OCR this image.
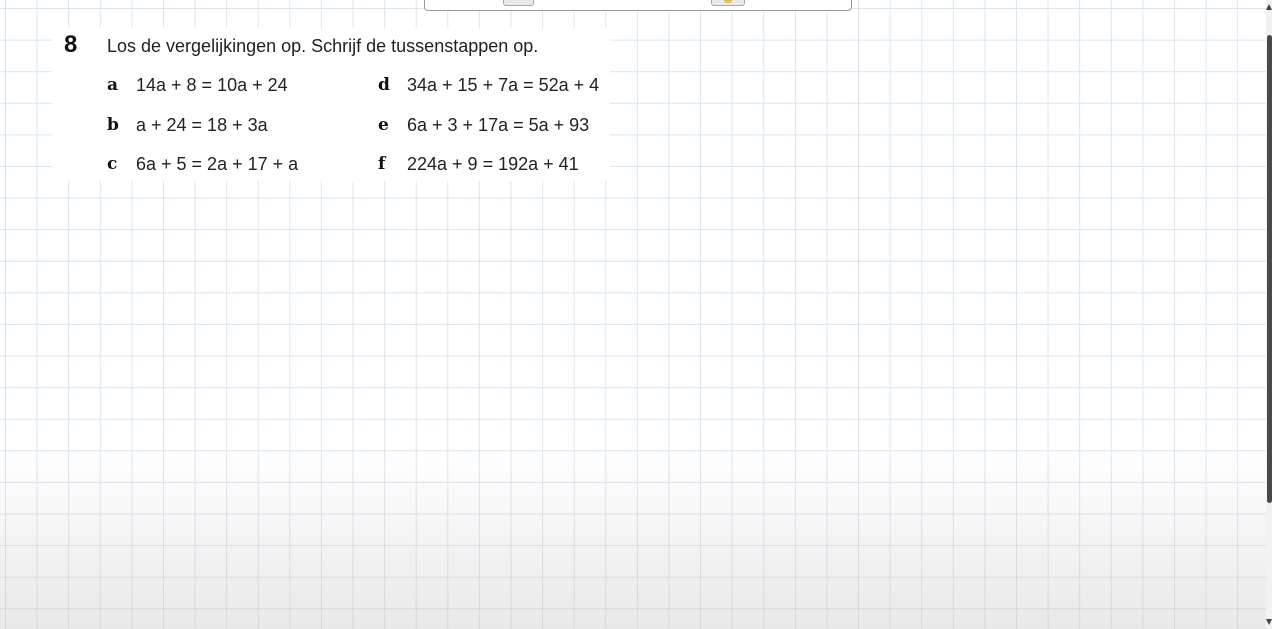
8 Los de vergelijkingen op. Schrijf de tussenstappen op.
a 14a + 8 = 10a + 24
b a + 24 = 18 + 3a
c 6a + 5 = 2a + 17 + a
d 34a + 15 + 7a = 52a + 4
e 6a + 3 + 17a = 5a + 93
f 224a + 9 = 192a + 41
